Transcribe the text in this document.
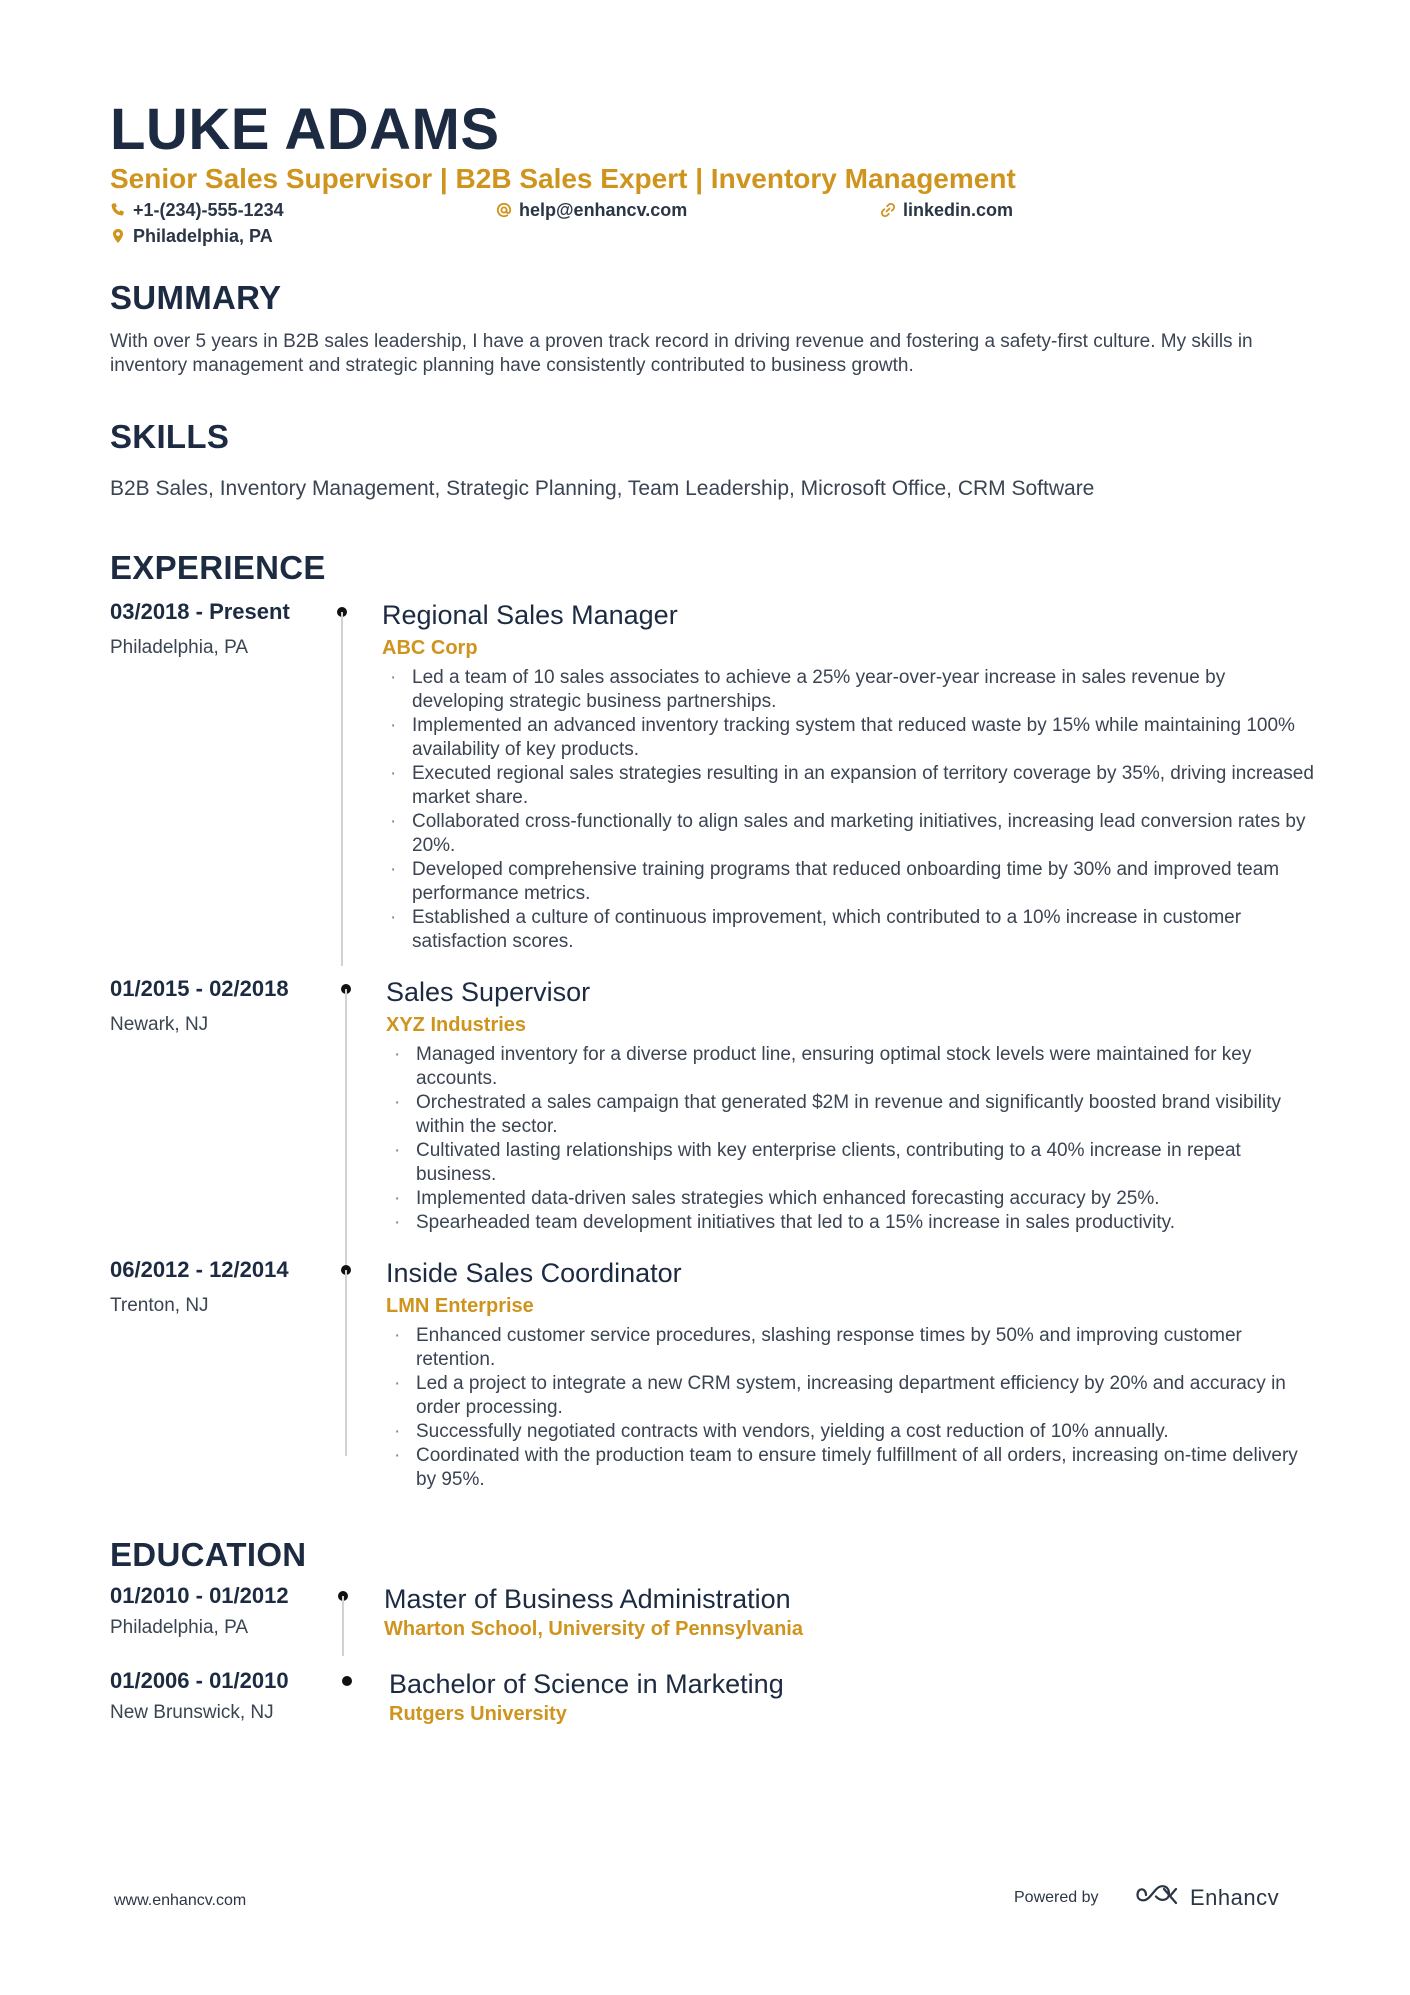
LUKE ADAMS
Senior Sales Supervisor | B2B Sales Expert | Inventory Management
+1-(234)-555-1234	help@enhancv.com	linkedin.com
Philadelphia, PA
SUMMARY

With over 5 years in B2B sales leadership, I have a proven track record in driving revenue and fostering a safety-first culture. My skills in inventory management and strategic planning have consistently contributed to business growth.

SKILLS

B2B Sales, Inventory Management, Strategic Planning, Team Leadership, Microsoft Office, CRM Software

EXPERIENCE
03/2018 - Present
Philadelphia, PA
Regional Sales Manager
ABC Corp
· Led a team of 10 sales associates to achieve a 25% year-over-year increase in sales revenue by developing strategic business partnerships.
· Implemented an advanced inventory tracking system that reduced waste by 15% while maintaining 100% availability of key products.
· Executed regional sales strategies resulting in an expansion of territory coverage by 35%, driving increased market share.
· Collaborated cross-functionally to align sales and marketing initiatives, increasing lead conversion rates by 20%.
· Developed comprehensive training programs that reduced onboarding time by 30% and improved team performance metrics.
· Established a culture of continuous improvement, which contributed to a 10% increase in customer satisfaction scores.
01/2015 - 02/2018
Newark, NJ
Sales Supervisor
XYZ Industries
· Managed inventory for a diverse product line, ensuring optimal stock levels were maintained for key accounts.
· Orchestrated a sales campaign that generated $2M in revenue and significantly boosted brand visibility within the sector.
· Cultivated lasting relationships with key enterprise clients, contributing to a 40% increase in repeat business.
· Implemented data-driven sales strategies which enhanced forecasting accuracy by 25%.
· Spearheaded team development initiatives that led to a 15% increase in sales productivity.
06/2012 - 12/2014
Trenton, NJ
Inside Sales Coordinator
LMN Enterprise
· Enhanced customer service procedures, slashing response times by 50% and improving customer retention.
· Led a project to integrate a new CRM system, increasing department efficiency by 20% and accuracy in order processing.
· Successfully negotiated contracts with vendors, yielding a cost reduction of 10% annually.
· Coordinated with the production team to ensure timely fulfillment of all orders, increasing on-time delivery by 95%.
EDUCATION
01/2010 - 01/2012
Philadelphia, PA
Master of Business Administration
Wharton School, University of Pennsylvania
01/2006 - 01/2010
New Brunswick, NJ
Bachelor of Science in Marketing
Rutgers University
www.enhancv.com	Powered by	Enhancv
